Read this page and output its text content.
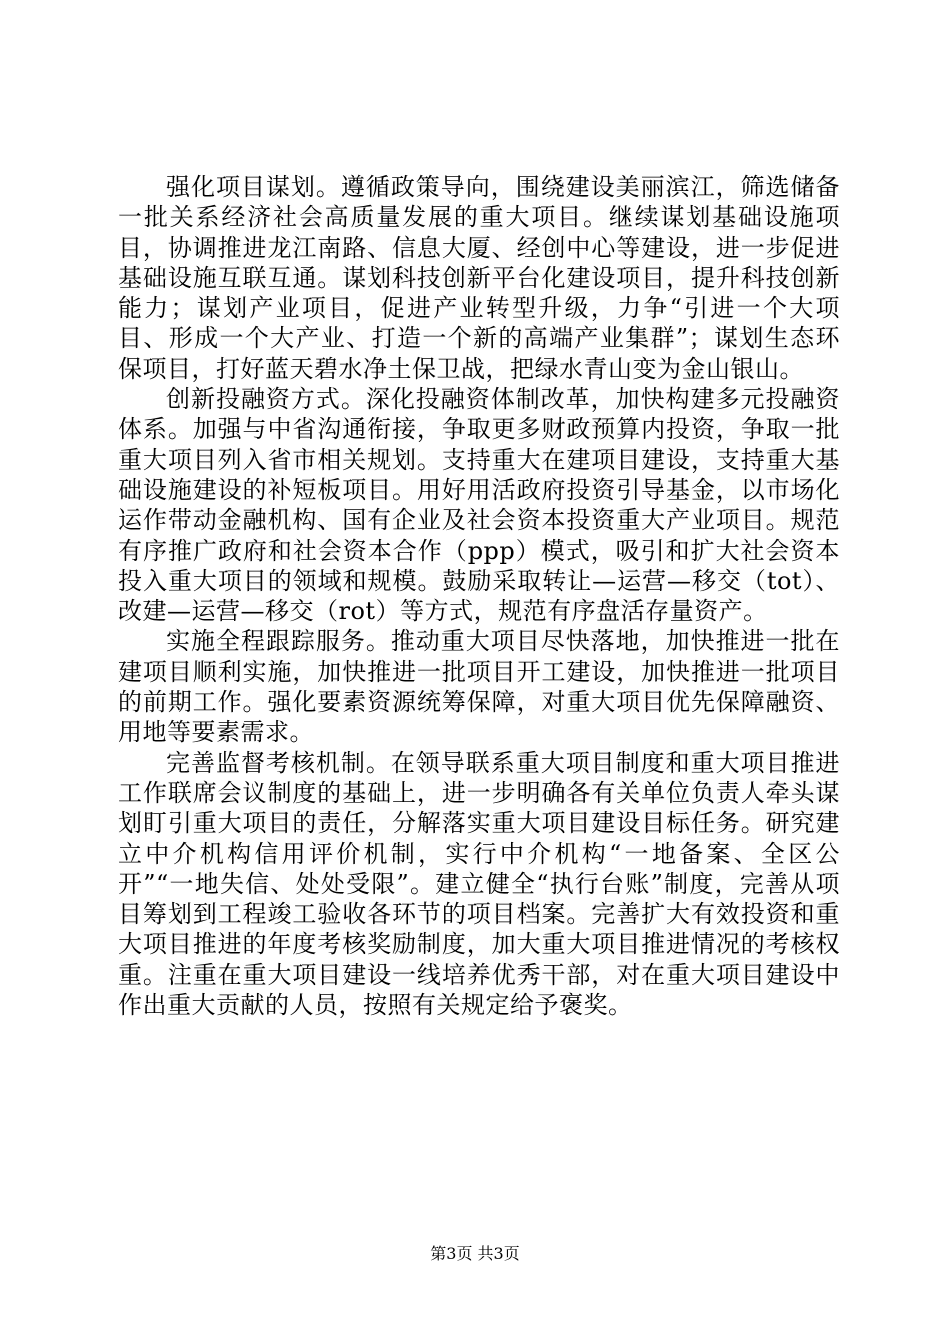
强化项目谋划。遵循政策导向，围绕建设美丽滨江，筛选储备一批关系经济社会高质量发展的重大项目。继续谋划基础设施项目，协调推进龙江南路、信息大厦、经创中心等建设，进一步促进基础设施互联互通。谋划科技创新平台化建设项目，提升科技创新能力；谋划产业项目，促进产业转型升级，力争“引进一个大项目、形成一个大产业、打造一个新的高端产业集群”；谋划生态环保项目，打好蓝天碧水净土保卫战，把绿水青山变为金山银山。

创新投融资方式。深化投融资体制改革，加快构建多元投融资体系。加强与中省沟通衔接，争取更多财政预算内投资，争取一批重大项目列入省市相关规划。支持重大在建项目建设，支持重大基础设施建设的补短板项目。用好用活政府投资引导基金，以市场化运作带动金融机构、国有企业及社会资本投资重大产业项目。规范有序推广政府和社会资本合作（ppp）模式，吸引和扩大社会资本投入重大项目的领域和规模。鼓励采取转让—运营—移交（tot）、改建—运营—移交（rot）等方式，规范有序盘活存量资产。

实施全程跟踪服务。推动重大项目尽快落地，加快推进一批在建项目顺利实施，加快推进一批项目开工建设，加快推进一批项目的前期工作。强化要素资源统筹保障，对重大项目优先保障融资、用地等要素需求。

完善监督考核机制。在领导联系重大项目制度和重大项目推进工作联席会议制度的基础上，进一步明确各有关单位负责人牵头谋划盯引重大项目的责任，分解落实重大项目建设目标任务。研究建立中介机构信用评价机制，实行中介机构“一地备案、全区公开”“一地失信、处处受限”。建立健全“执行台账”制度，完善从项目筹划到工程竣工验收各环节的项目档案。完善扩大有效投资和重大项目推进的年度考核奖励制度，加大重大项目推进情况的考核权重。注重在重大项目建设一线培养优秀干部，对在重大项目建设中作出重大贡献的人员，按照有关规定给予褒奖。

第3页 共3页
